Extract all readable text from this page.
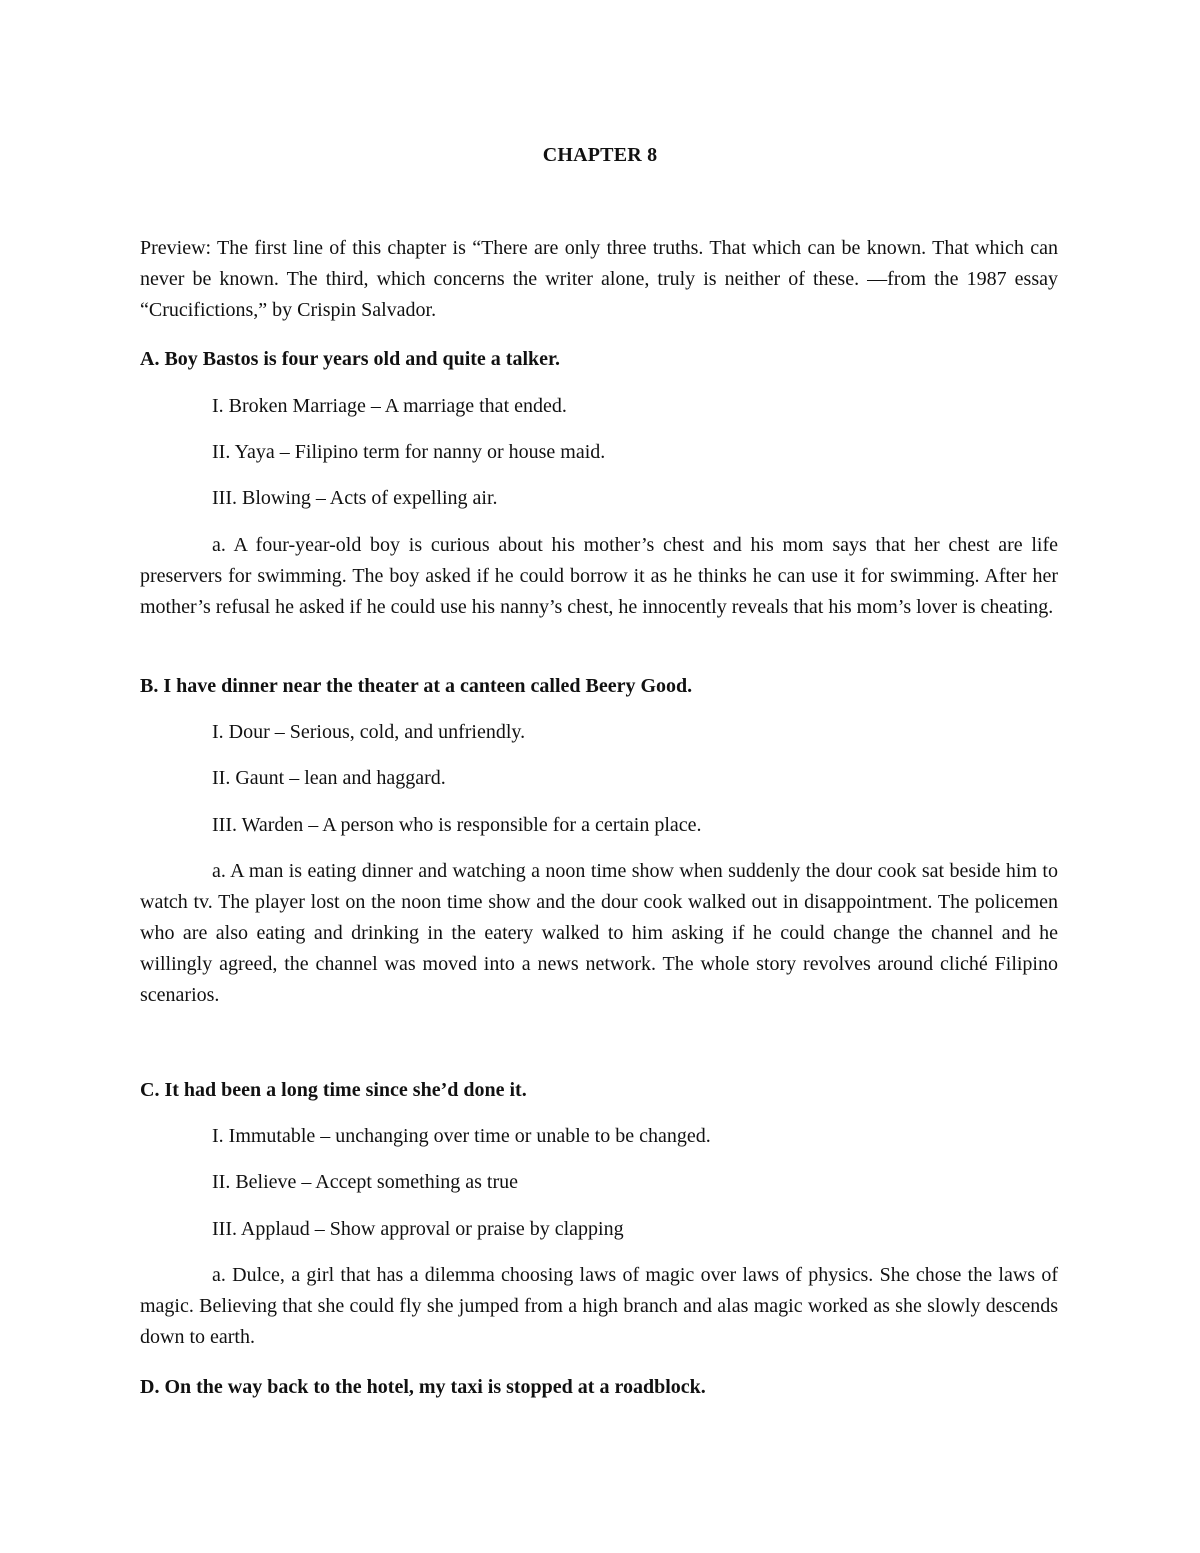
CHAPTER 8
Preview: The first line of this chapter is “There are only three truths. That which can be known. That which can never be known. The third, which concerns the writer alone, truly is neither of these. —from the 1987 essay “Crucifictions,” by Crispin Salvador.
A. Boy Bastos is four years old and quite a talker.
I. Broken Marriage – A marriage that ended.
II. Yaya – Filipino term for nanny or house maid.
III. Blowing – Acts of expelling air.
a. A four-year-old boy is curious about his mother’s chest and his mom says that her chest are life preservers for swimming. The boy asked if he could borrow it as he thinks he can use it for swimming. After her mother’s refusal he asked if he could use his nanny’s chest, he innocently reveals that his mom’s lover is cheating.
B. I have dinner near the theater at a canteen called Beery Good.
I. Dour – Serious, cold, and unfriendly.
II. Gaunt – lean and haggard.
III. Warden – A person who is responsible for a certain place.
a. A man is eating dinner and watching a noon time show when suddenly the dour cook sat beside him to watch tv. The player lost on the noon time show and the dour cook walked out in disappointment. The policemen who are also eating and drinking in the eatery walked to him asking if he could change the channel and he willingly agreed, the channel was moved into a news network. The whole story revolves around cliché Filipino scenarios.
C. It had been a long time since she’d done it.
I. Immutable – unchanging over time or unable to be changed.
II. Believe – Accept something as true
III. Applaud – Show approval or praise by clapping
a. Dulce, a girl that has a dilemma choosing laws of magic over laws of physics. She chose the laws of magic. Believing that she could fly she jumped from a high branch and alas magic worked as she slowly descends down to earth.
D. On the way back to the hotel, my taxi is stopped at a roadblock.
